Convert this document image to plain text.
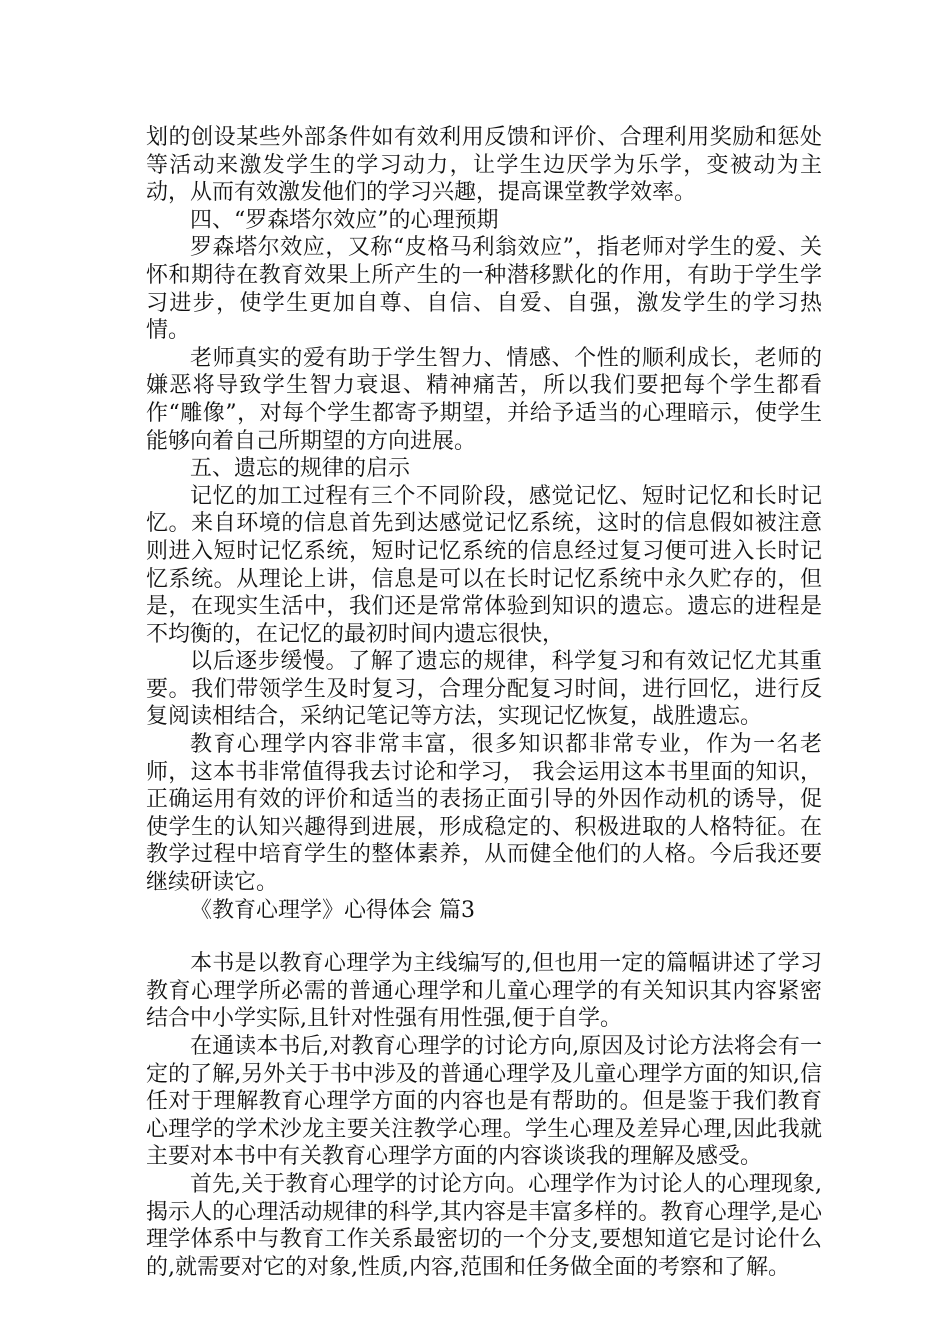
划的创设某些外部条件如有效利用反馈和评价、合理利用奖励和惩处等活动来激发学生的学习动力，让学生边厌学为乐学，变被动为主动，从而有效激发他们的学习兴趣，提高课堂教学效率。

四、“罗森塔尔效应”的心理预期

罗森塔尔效应，又称“皮格马利翁效应”，指老师对学生的爱、关怀和期待在教育效果上所产生的一种潜移默化的作用，有助于学生学习进步，使学生更加自尊、自信、自爱、自强，激发学生的学习热情。

老师真实的爱有助于学生智力、情感、个性的顺利成长，老师的嫌恶将导致学生智力衰退、精神痛苦，所以我们要把每个学生都看作“雕像”，对每个学生都寄予期望，并给予适当的心理暗示，使学生能够向着自己所期望的方向进展。

五、遗忘的规律的启示

记忆的加工过程有三个不同阶段，感觉记忆、短时记忆和长时记忆。来自环境的信息首先到达感觉记忆系统，这时的信息假如被注意则进入短时记忆系统，短时记忆系统的信息经过复习便可进入长时记忆系统。从理论上讲，信息是可以在长时记忆系统中永久贮存的，但是，在现实生活中，我们还是常常体验到知识的遗忘。遗忘的进程是不均衡的，在记忆的最初时间内遗忘很快，

以后逐步缓慢。了解了遗忘的规律，科学复习和有效记忆尤其重要。我们带领学生及时复习，合理分配复习时间，进行回忆，进行反复阅读相结合，采纳记笔记等方法，实现记忆恢复，战胜遗忘。

教育心理学内容非常丰富，很多知识都非常专业，作为一名老师，这本书非常值得我去讨论和学习， 我会运用这本书里面的知识，正确运用有效的评价和适当的表扬正面引导的外因作动机的诱导，促使学生的认知兴趣得到进展，形成稳定的、积极进取的人格特征。在教学过程中培育学生的整体素养，从而健全他们的人格。今后我还要继续研读它。

《教育心理学》心得体会 篇3

本书是以教育心理学为主线编写的,但也用一定的篇幅讲述了学习教育心理学所必需的普通心理学和儿童心理学的有关知识其内容紧密结合中小学实际,且针对性强有用性强,便于自学。

在通读本书后,对教育心理学的讨论方向,原因及讨论方法将会有一定的了解,另外关于书中涉及的普通心理学及儿童心理学方面的知识,信任对于理解教育心理学方面的内容也是有帮助的。但是鉴于我们教育心理学的学术沙龙主要关注教学心理。学生心理及差异心理,因此我就主要对本书中有关教育心理学方面的内容谈谈我的理解及感受。

首先,关于教育心理学的讨论方向。心理学作为讨论人的心理现象,揭示人的心理活动规律的科学,其内容是丰富多样的。教育心理学,是心理学体系中与教育工作关系最密切的一个分支,要想知道它是讨论什么的,就需要对它的对象,性质,内容,范围和任务做全面的考察和了解。
